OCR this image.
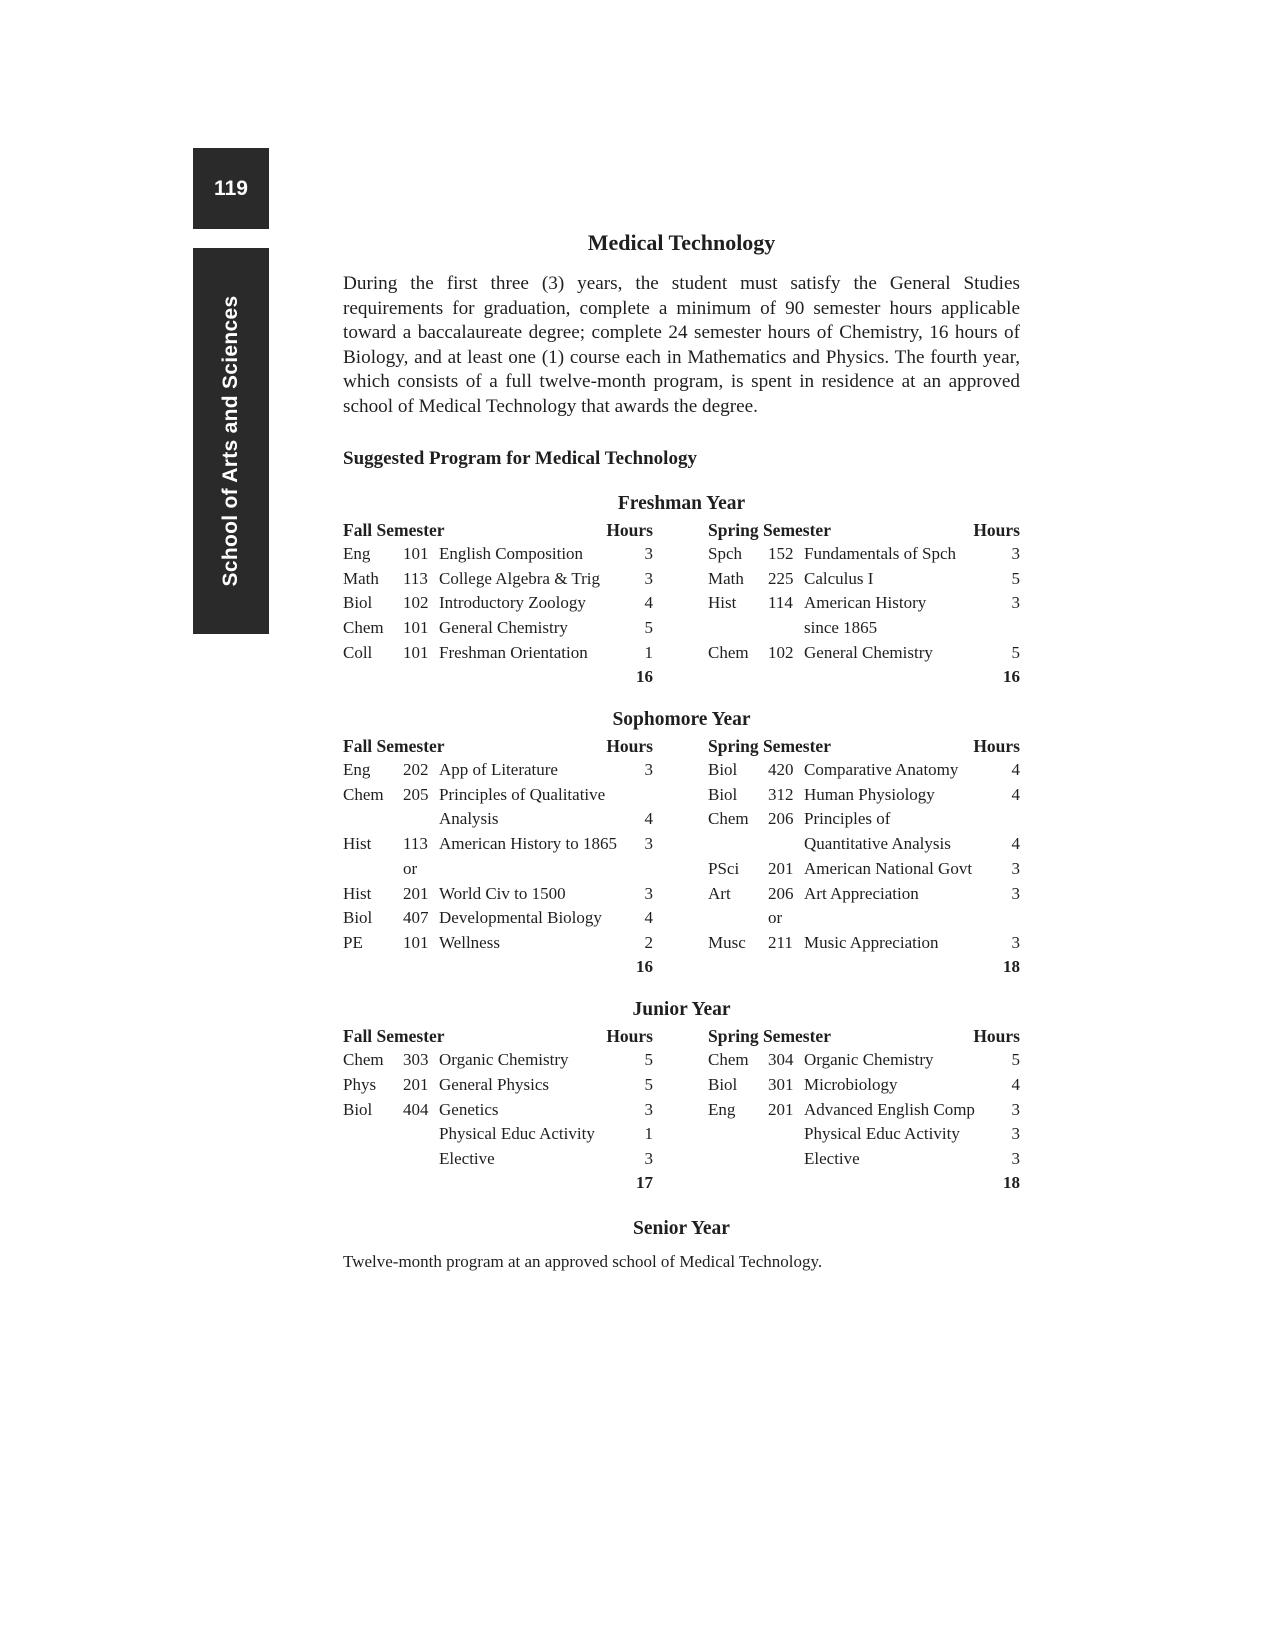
119
School of Arts and Sciences
Medical Technology

During the first three (3) years, the student must satisfy the General Studies requirements for graduation, complete a minimum of 90 semester hours applicable toward a baccalaureate degree; complete 24 semester hours of Chemistry, 16 hours of Biology, and at least one (1) course each in Mathematics and Physics. The fourth year, which consists of a full twelve-month program, is spent in residence at an approved school of Medical Technology that awards the degree.

Suggested Program for Medical Technology
Freshman Year
Fall Semester	Hours
Eng	101 English Composition	3
Math	113 College Algebra & Trig	3
Biol	102 Introductory Zoology	4
Chem	101 General Chemistry	5
Coll	101 Freshman Orientation	1
16
Spring Semester	Hours
Spch	152 Fundamentals of Spch	3
Math	225 Calculus I	5
Hist	114 American History	3
since 1865
Chem	102 General Chemistry	5
16
Sophomore Year
Fall Semester	Hours
Eng	202 App of Literature	3
Chem	205 Principles of Qualitative
Analysis	4
Hist	113 American History to 1865	3
or
Hist	201 World Civ to 1500	3
Biol	407 Developmental Biology	4
PE	101 Wellness	2
16
Spring Semester	Hours
Biol	420 Comparative Anatomy	4
Biol	312 Human Physiology	4
Chem	206 Principles of
Quantitative Analysis	4
PSci	201 American National Govt	3
Art	206 Art Appreciation	3
or
Musc	211 Music Appreciation	3
18
Junior Year
Fall Semester	Hours
Chem	303 Organic Chemistry	5
Phys	201 General Physics	5
Biol	404 Genetics	3
Physical Educ Activity	1
Elective	3
17
Spring Semester	Hours
Chem	304 Organic Chemistry	5
Biol	301 Microbiology	4
Eng	201 Advanced English Comp	3
Physical Educ Activity	3
Elective	3
18
Senior Year
Twelve-month program at an approved school of Medical Technology.
